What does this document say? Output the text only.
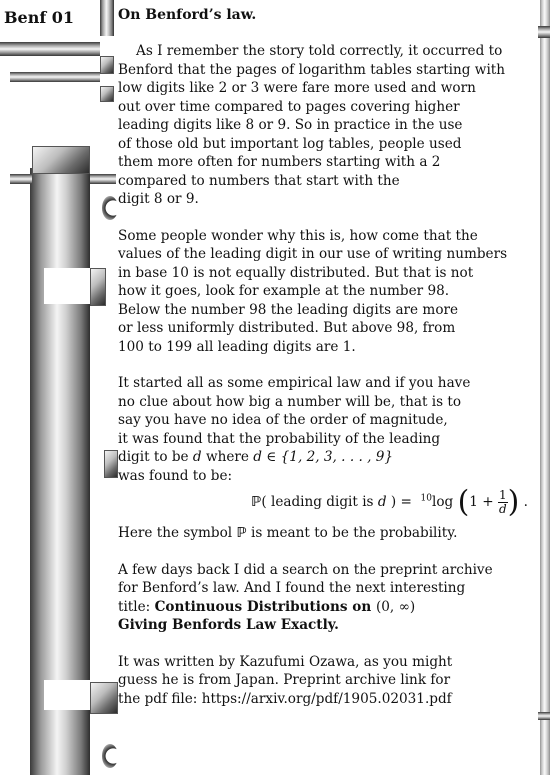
Benf 01	On Benford’s law.
As I remember the story told correctly, it occurred to
Benford that the pages of logarithm tables starting with
low digits like 2 or 3 were fare more used and worn
out over time compared to pages covering higher
leading digits like 8 or 9. So in practice in the use
of those old but important log tables, people used
them more often for numbers starting with a 2
compared to numbers that start with the
digit 8 or 9.
Some people wonder why this is, how come that the
values of the leading digit in our use of writing numbers
in base 10 is not equally distributed. But that is not
how it goes, look for example at the number 98.
Below the number 98 the leading digits are more
or less uniformly distributed. But above 98, from
100 to 199 all leading digits are 1.
It started all as some empirical law and if you have
no clue about how big a number will be, that is to
say you have no idea of the order of magnitude,
it was found that the probability of the leading
digit to be d where d ∈ {1, 2, 3, . . . , 9}
was found to be:
ℙ( leading digit is d ) = $^{10}$log ($1 + \frac{1}{d}$ ) .
Here the symbol ℙ is meant to be the probability.
A few days back I did a search on the preprint archive
for Benford’s law. And I found the next interesting
title: Continuous Distributions on (0, ∞)
Giving Benfords Law Exactly.
It was written by Kazufumi Ozawa, as you might
guess he is from Japan. Preprint archive link for
the pdf file: https://arxiv.org/pdf/1905.02031.pdf
